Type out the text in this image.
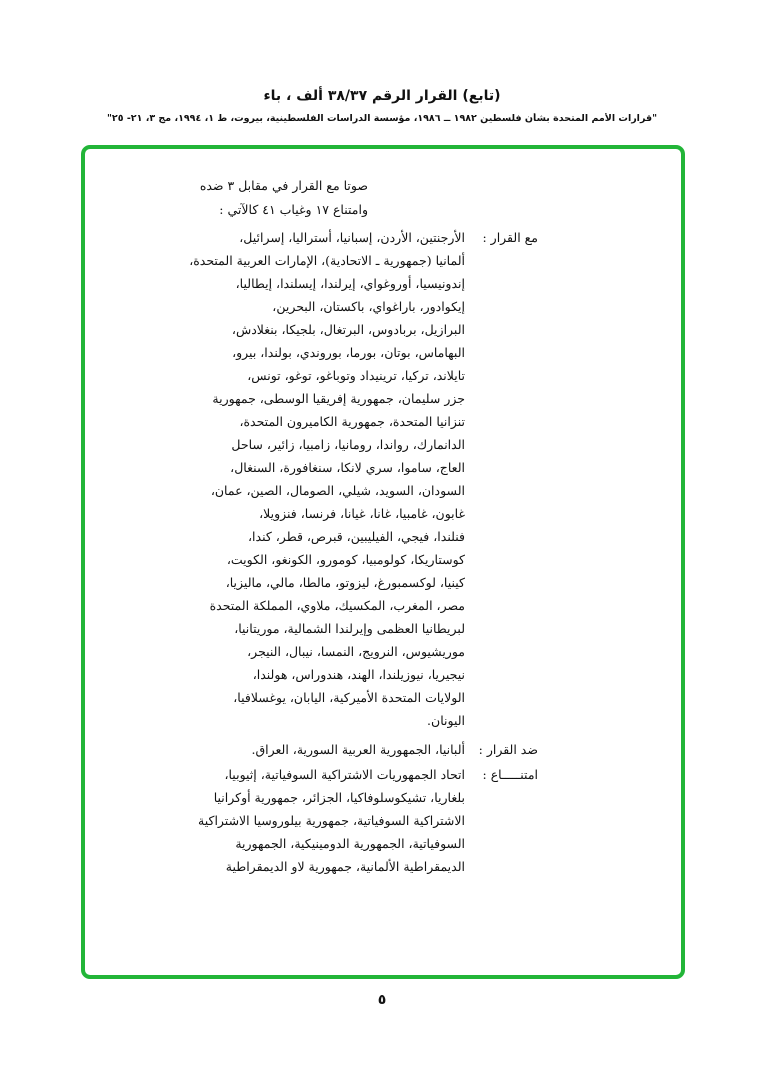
(تابع) القرار الرقم ٣٨/٣٧ ألف ، باء
"قرارات الأمم المتحدة بشأن فلسطين ١٩٨٢ ــ ١٩٨٦، مؤسسة الدراسات الفلسطينية، بيروت، ط ١، ١٩٩٤، مج ٣، ٢١- ٢٥"
صوتا مع القرار في مقابل ٣ ضده
وامتناع ١٧ وغياب ٤١ كالآتي :
مع القرار :
الأرجنتين، الأردن، إسبانيا، أستراليا، إسرائيل،
ألمانيا (جمهورية ـ الاتحادية)، الإمارات العربية المتحدة،
إندونيسيا، أوروغواي، إيرلندا، إيسلندا، إيطاليا،
إيكوادور، باراغواي، باكستان، البحرين،
البرازيل، بربادوس، البرتغال، بلجيكا، بنغلادش،
البهاماس، بوتان، بورما، بوروندي، بولندا، بيرو،
تايلاند، تركيا، ترينيداد وتوباغو، توغو، تونس،
جزر سليمان، جمهورية إفريقيا الوسطى، جمهورية
تنزانيا المتحدة، جمهورية الكاميرون المتحدة،
الدانمارك، رواندا، رومانيا، زامبيا، زائير، ساحل
العاج، ساموا، سري لانكا، سنغافورة، السنغال،
السودان، السويد، شيلي، الصومال، الصين، عمان،
غابون، غامبيا، غانا، غيانا، فرنسا، فنزويلا،
فنلندا، فيجي، الفيليبين، قبرص، قطر، كندا،
كوستاريكا، كولومبيا، كومورو، الكونغو، الكويت،
كينيا، لوكسمبورغ، ليزوتو، مالطا، مالي، ماليزيا،
مصر، المغرب، المكسيك، ملاوي، المملكة المتحدة
لبريطانيا العظمى وإيرلندا الشمالية، موريتانيا،
موريشيوس، النرويج، النمسا، نيبال، النيجر،
نيجيريا، نيوزيلندا، الهند، هندوراس، هولندا،
الولايات المتحدة الأميركية، اليابان، يوغسلافيا،
اليونان.
ضد القرار :
ألبانيا، الجمهورية العربية السورية، العراق.
امتنـــــاع :
اتحاد الجمهوريات الاشتراكية السوفياتية، إثيوبيا،
بلغاريا، تشيكوسلوفاكيا، الجزائر، جمهورية أوكرانيا
الاشتراكية السوفياتية، جمهورية بيلوروسيا الاشتراكية
السوفياتية، الجمهورية الدومينيكية، الجمهورية
الديمقراطية الألمانية، جمهورية لاو الديمقراطية
٥
